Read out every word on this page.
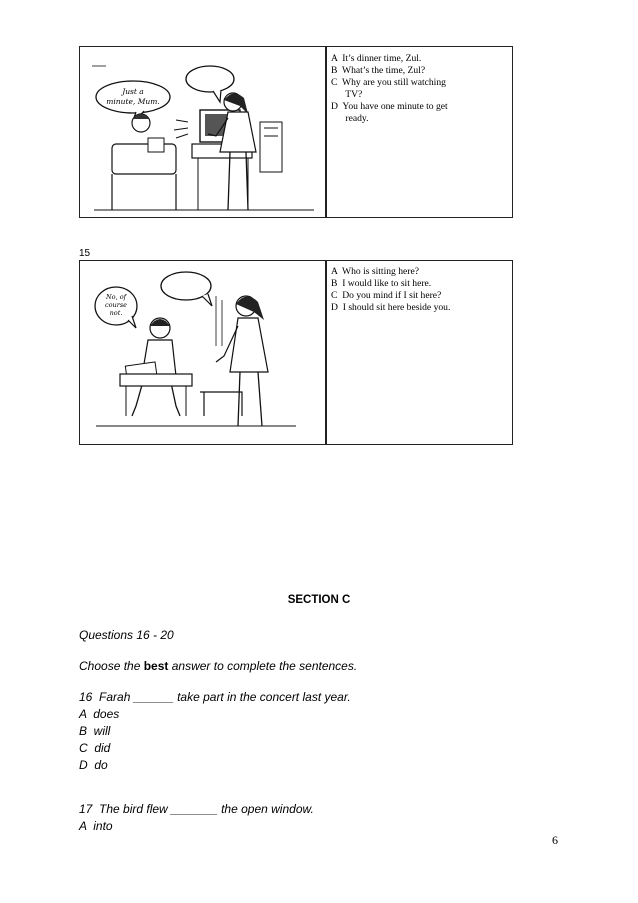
Just a
minute, Mum.
A  It’s dinner time, Zul.
B  What’s the time, Zul?
C  Why are you still watching
TV?
D  You have one minute to get
ready.
15
No, of
course
not.
A  Who is sitting here?
B  I would like to sit here.
C  Do you mind if I sit here?
D  I should sit here beside you.
SECTION C
Questions 16 - 20
Choose the best answer to complete the sentences.
16  Farah ______ take part in the concert last year.
A  does
B  will
C  did
D  do
17  The bird flew _______ the open window.
A  into
6
